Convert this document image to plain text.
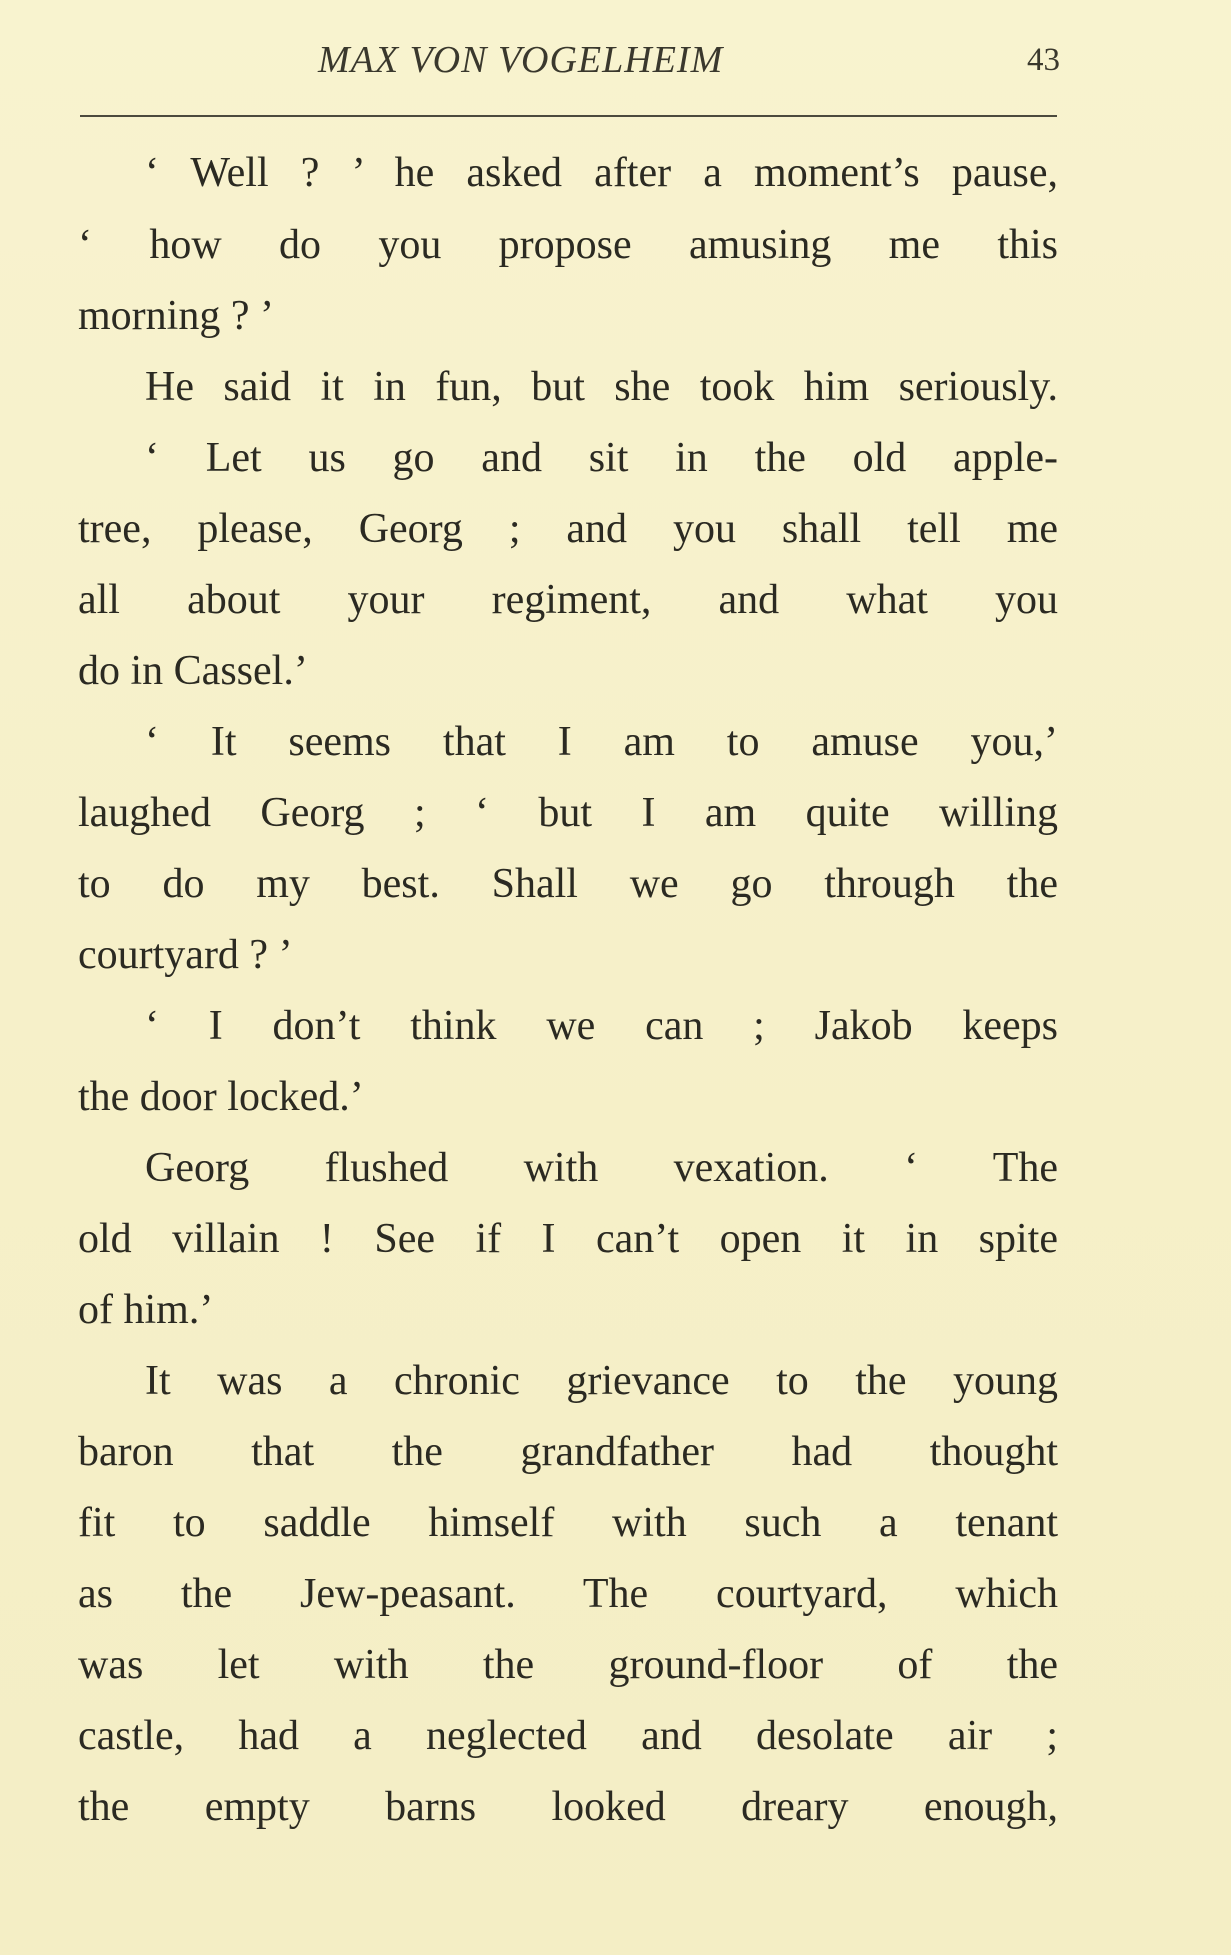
MAX VON VOGELHEIM	43
‘ Well ? ’ he asked after a moment’s pause,
‘ how do you propose amusing me this
morning ? ’
He said it in fun, but she took him seriously.
‘ Let us go and sit in the old apple-
tree, please, Georg ; and you shall tell me
all about your regiment, and what you
do in Cassel.’
‘ It seems that I am to amuse you,’
laughed Georg ; ‘ but I am quite willing
to do my best. Shall we go through the
courtyard ? ’
‘ I don’t think we can ; Jakob keeps
the door locked.’
Georg flushed with vexation. ‘ The
old villain ! See if I can’t open it in spite
of him.’
It was a chronic grievance to the young
baron that the grandfather had thought
fit to saddle himself with such a tenant
as the Jew-peasant. The courtyard, which
was let with the ground-floor of the
castle, had a neglected and desolate air ;
the empty barns looked dreary enough,
